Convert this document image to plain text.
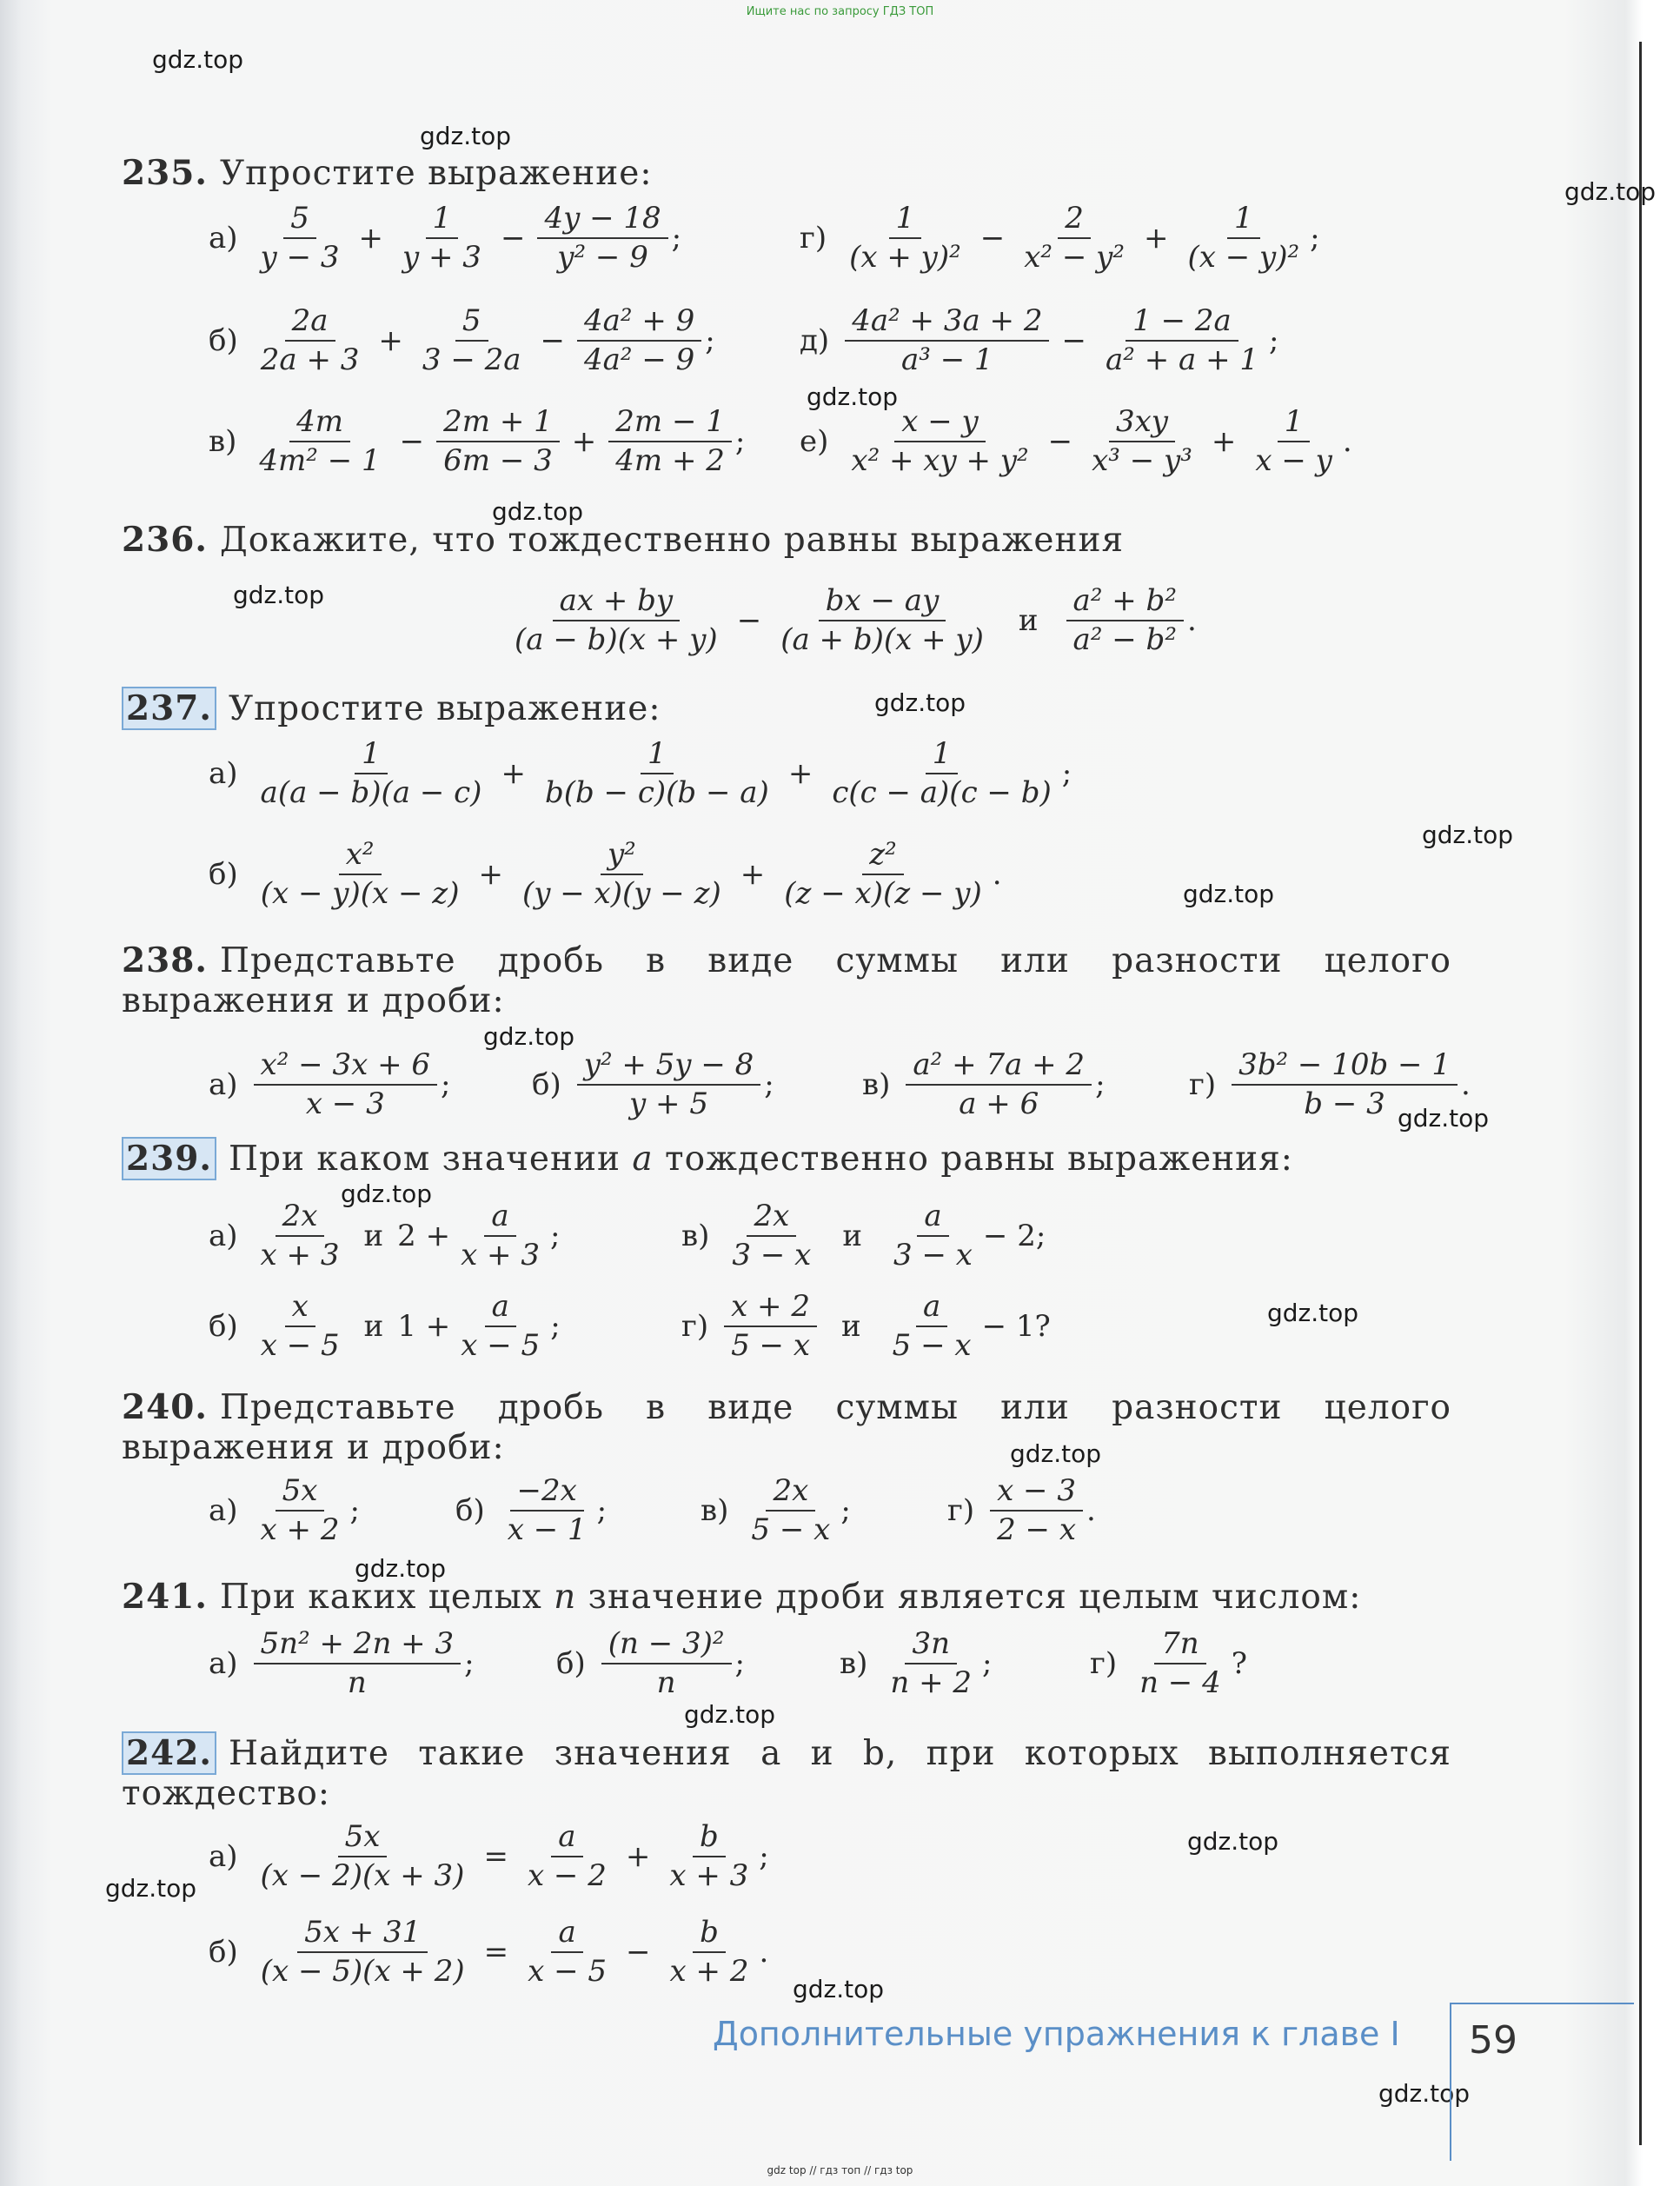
Ищите нас по запросу ГДЗ ТОП
gdz.top
gdz.top
gdz.top
gdz.top
gdz.top
gdz.top
gdz.top
gdz.top
gdz.top
gdz.top
gdz.top
gdz.top
gdz.top
gdz.top
gdz.top
gdz.top
gdz.top
gdz.top
gdz.top
gdz.top
235. Упростите выражение:
$а) \frac{5}{y - 3} + \frac{1}{y + 3} - \frac{4y - 18}{\text{y² − 9}}$ ;	$г) \frac{1}{\text{(x + y)²}} - \frac{2}{\text{x² − y²}} + \frac{1}{\text{(x − y)²}}$ ;
$б) \frac{2a}{2a + 3} + \frac{5}{3 - 2a} - \frac{\text{4a² + 9}}{\text{4a² − 9}}$ ;	$д) \frac{\text{4a² + 3a + 2}}{\text{a³ − 1}} - \frac{1 - 2a}{\text{a² + a + 1}}$ ;
$в) \frac{4m}{\text{4m² − 1}} - \frac{2m + 1}{6m - 3} + \frac{2m - 1}{4m + 2}$ ; $е) \frac{x - y}{\text{x² + xy + y²}} - \frac{3xy}{\text{x³ − y³}} + \frac{1}{x - y}$ .
236. Докажите, что тождественно равны выражения
$\frac{ax + by}{(a - b)(x + y)} - \frac{bx - ay}{(a + b)(x + y)}$ и $\frac{\text{a² + b²}}{\text{a² − b²}}$ .
237. Упростите выражение:
$а) \frac{1}{a(a - b)(a - c)} + \frac{1}{b(b - c)(b - a)} + \frac{1}{c(c - a)(c - b)}$ ;
$б) \frac{\text{x²}}{(x - y)(x - z)} + \frac{\text{y²}}{(y - x)(y - z)} + \frac{\text{z²}}{(z - x)(z - y)}$ .
238. Представьте дробь в виде суммы или разности целого выражения и дроби:
$а) \frac{\text{x² − 3x + 6}}{x - 3}$ ;	$б) \frac{\text{y² + 5y − 8}}{y + 5}$ ;	$в) \frac{\text{a² + 7a + 2}}{a + 6}$ ;	$г) \frac{\text{3b² − 10b − 1}}{b - 3}$ .
239. При каком значении a тождественно равны выражения:
$а) \frac{2x}{x + 3}$ и $2 + \frac{a}{x + 3}$ ;	$в) \frac{2x}{3 - x}$ и $\frac{a}{3 - x} - 2$;
$б) \frac{x}{x - 5}$ и $1 + \frac{a}{x - 5}$ ;	$г) \frac{x + 2}{5 - x}$ и $\frac{a}{5 - x} - 1$?
240. Представьте дробь в виде суммы или разности целого выражения и дроби:
$а) \frac{5x}{x + 2}$ ;	$б) \frac{-2x}{x - 1}$ ;	$в) \frac{2x}{5 - x}$ ;	$г) \frac{x - 3}{2 - x}$ .
241. При каких целых n значение дроби является целым числом:
$а) \frac{\text{5n² + 2n + 3}}{n}$ ;	$б) \frac{\text{(n − 3)²}}{n}$ ;	$в) \frac{3n}{n + 2}$ ;	$г) \frac{7n}{n - 4}$ ?
242. Найдите такие значения a и b, при которых выполняется тождество:
$а) \frac{5x}{(x - 2)(x + 3)} = \frac{a}{x - 2} + \frac{b}{x + 3}$ ;
$б) \frac{5x + 31}{(x - 5)(x + 2)} = \frac{a}{x - 5} - \frac{b}{x + 2}$ .
Дополнительные упражнения к главе I 59
gdz top // гдз топ // гдз top
